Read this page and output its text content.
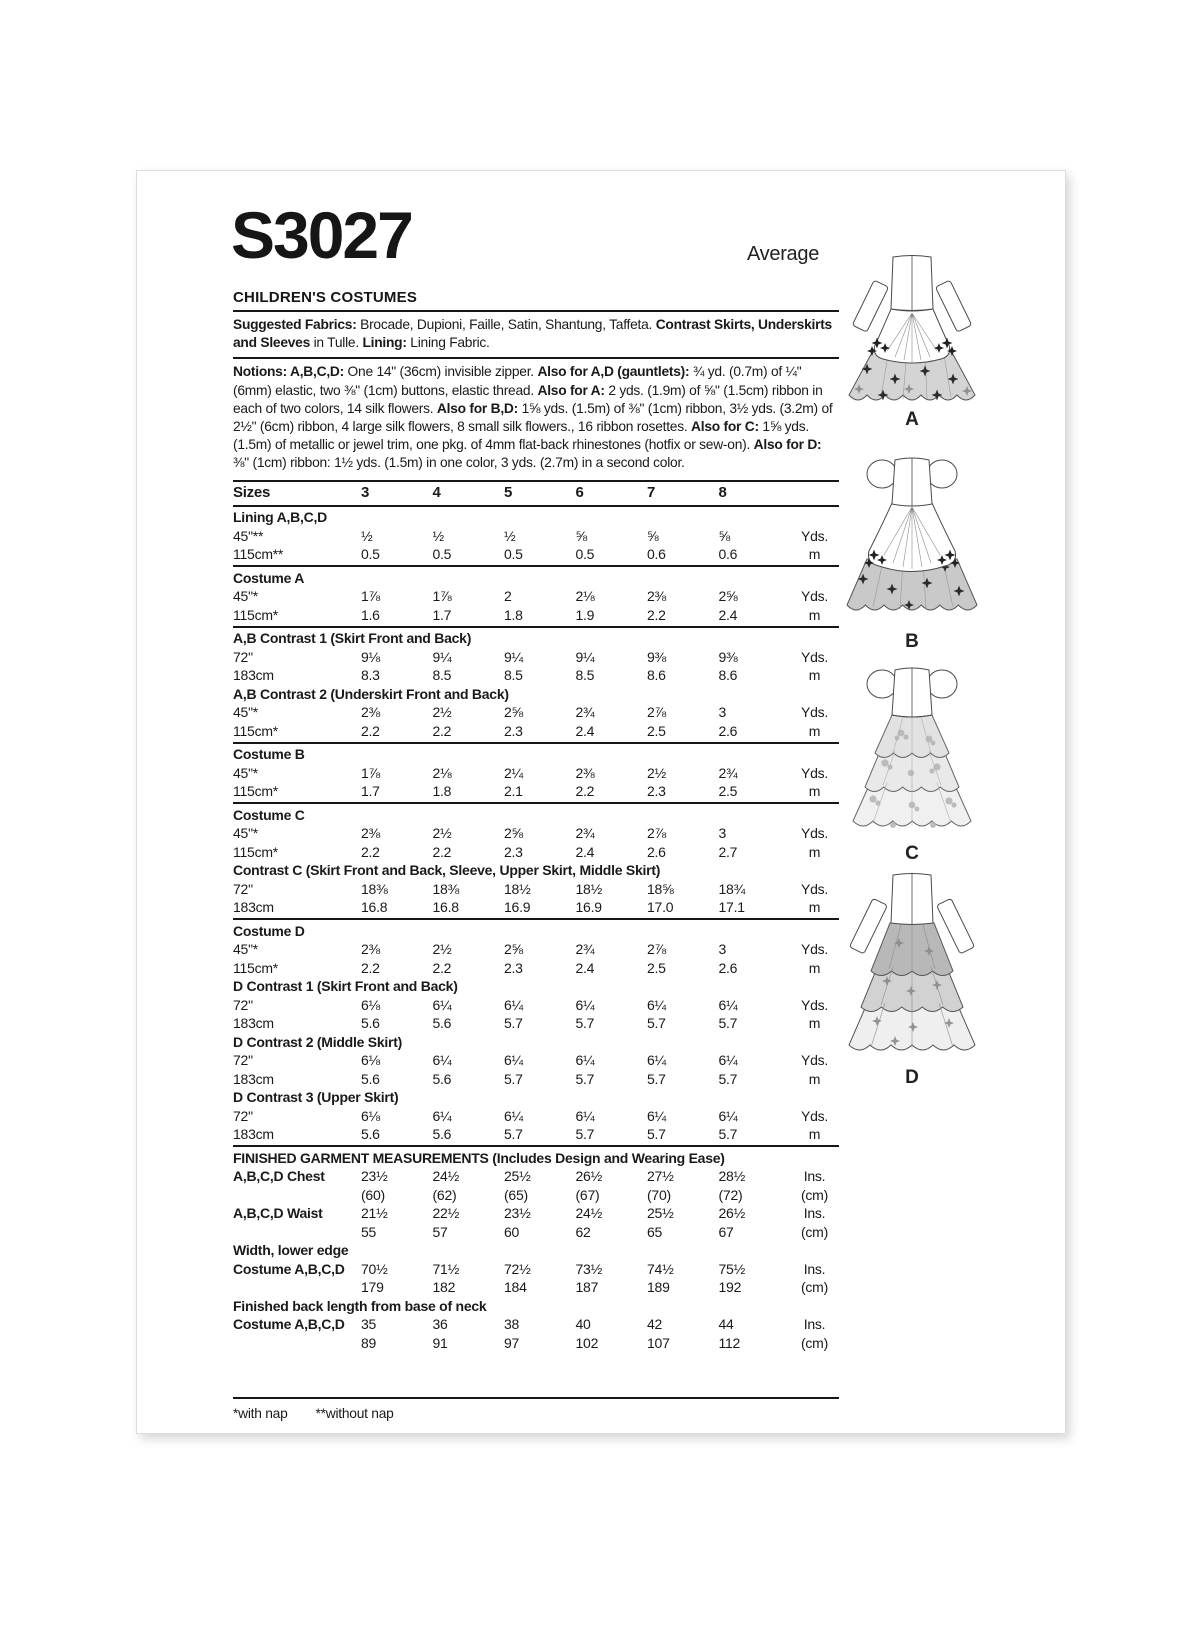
S3027	Average
CHILDREN'S COSTUMES
Suggested Fabrics: Brocade, Dupioni, Faille, Satin, Shantung, Taffeta. Contrast Skirts, Underskirts and Sleeves in Tulle. Lining: Lining Fabric.
Notions: A,B,C,D: One 14" (36cm) invisible zipper. Also for A,D (gauntlets): ¾ yd. (0.7m) of ¼" (6mm) elastic, two ⅜" (1cm) buttons, elastic thread. Also for A: 2 yds. (1.9m) of ⅝" (1.5cm) ribbon in each of two colors, 14 silk flowers. Also for B,D: 1⅝ yds. (1.5m) of ⅜" (1cm) ribbon, 3½ yds. (3.2m) of 2½" (6cm) ribbon, 4 large silk flowers, 8 small silk flowers., 16 ribbon rosettes. Also for C: 1⅝ yds. (1.5m) of metallic or jewel trim, one pkg. of 4mm flat-back rhinestones (hotfix or sew-on). Also for D: ⅜" (1cm) ribbon: 1½ yds. (1.5m) in one color, 3 yds. (2.7m) in a second color.
Sizes	3	4	5	6	7	8
Lining A,B,C,D
45"**	½	½	½	⅝	⅝	⅝	Yds.
115cm**	0.5	0.5	0.5	0.5	0.6	0.6	m
Costume A
45"*	1⅞	1⅞	2	2⅛	2⅜	2⅝	Yds.
115cm*	1.6	1.7	1.8	1.9	2.2	2.4	m
A,B Contrast 1 (Skirt Front and Back)
72"	9⅛	9¼	9¼	9¼	9⅜	9⅜	Yds.
183cm	8.3	8.5	8.5	8.5	8.6	8.6	m
A,B Contrast 2 (Underskirt Front and Back)
45"*	2⅜	2½	2⅝	2¾	2⅞	3	Yds.
115cm*	2.2	2.2	2.3	2.4	2.5	2.6	m
Costume B
45"*	1⅞	2⅛	2¼	2⅜	2½	2¾	Yds.
115cm*	1.7	1.8	2.1	2.2	2.3	2.5	m
Costume C
45"*	2⅜	2½	2⅝	2¾	2⅞	3	Yds.
115cm*	2.2	2.2	2.3	2.4	2.6	2.7	m
Contrast C (Skirt Front and Back, Sleeve, Upper Skirt, Middle Skirt)
72"	18⅜	18⅜	18½	18½	18⅝	18¾	Yds.
183cm	16.8	16.8	16.9	16.9	17.0	17.1	m
Costume D
45"*	2⅜	2½	2⅝	2¾	2⅞	3	Yds.
115cm*	2.2	2.2	2.3	2.4	2.5	2.6	m
D Contrast 1 (Skirt Front and Back)
72"	6⅛	6¼	6¼	6¼	6¼	6¼	Yds.
183cm	5.6	5.6	5.7	5.7	5.7	5.7	m
D Contrast 2 (Middle Skirt)
72"	6⅛	6¼	6¼	6¼	6¼	6¼	Yds.
183cm	5.6	5.6	5.7	5.7	5.7	5.7	m
D Contrast 3 (Upper Skirt)
72"	6⅛	6¼	6¼	6¼	6¼	6¼	Yds.
183cm	5.6	5.6	5.7	5.7	5.7	5.7	m
FINISHED GARMENT MEASUREMENTS (Includes Design and Wearing Ease)
A,B,C,D Chest	23½	24½	25½	26½	27½	28½	Ins.
(60)	(62)	(65)	(67)	(70)	(72)	(cm)
A,B,C,D Waist	21½	22½	23½	24½	25½	26½	Ins.
55	57	60	62	65	67	(cm)
Width, lower edge
Costume A,B,C,D	70½	71½	72½	73½	74½	75½	Ins.
179	182	184	187	189	192	(cm)
Finished back length from base of neck
Costume A,B,C,D	35	36	38	40	42	44	Ins.
89	91	97	102	107	112	(cm)
A
B
C
D
*with nap **without nap
